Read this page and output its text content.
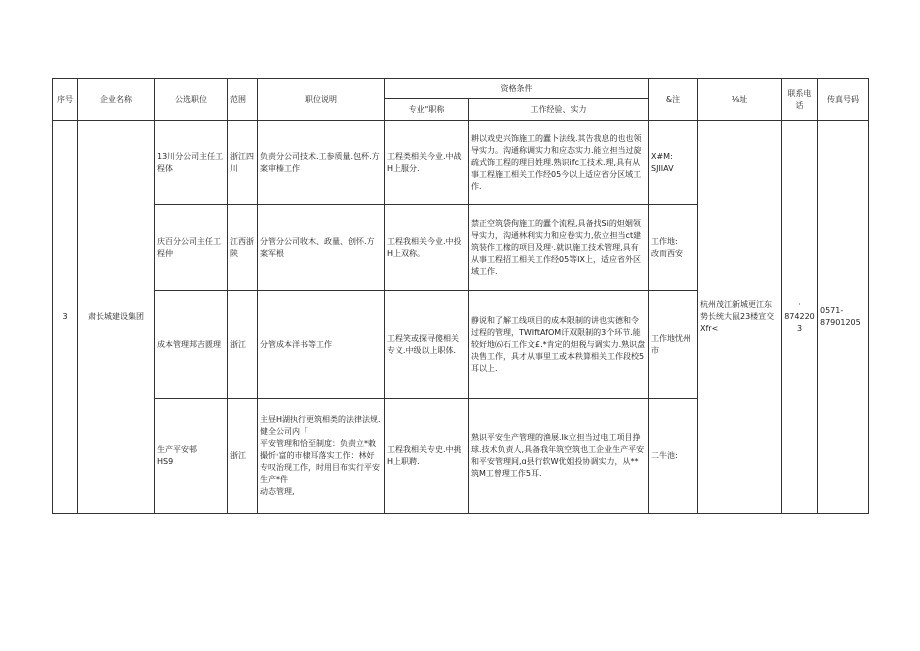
序号	企业名称	公选职位	范围	职位说明	资格条件		&注	⅛址	联系电话	传真号码
					专业"职称	工作经验、实力				
3	肃长城建设集团	13川分公司主任工程体	浙江四川	负责分公司技术.工参质量.包杯.方案审榛工作	工程类相关今业.中战H上服分.	耕以戏史兴饰施工的蠹卜法线.其告我息的也也领导实力。沟通称调实力和应态实力.能立担当过旋疏式饰工程的理目姓理.熟识ifc工技术.理,具有从事工程施工相关工作经05今以上适应省分区域工作.	X#M:
SJIIAV	杭州茂江新城更江东势长统大鼠23楼宣交Xfr<	·
8742203	0571-
87901205
		庆百分公司主任工程仲	江西浙陕	分管分公司收木、政量、创怀.方案军根	工程我相关今业.中投H上双称。	禁正空筑袋佝施工的蠹个流程,具备找Si的炟姻领导实力，沟通林利实力和应卷实力,依立担当ct建筑装作工椽的项目及理·.就识施工技术管理,具有从事工程招工相关工作经05等IX上，适应省外区域工作.	工作地:
改而西安			
		成本管理邦吉匮理	浙江	分管成本洋书等工作	工程笑或探寻傻相关专义.中级以上职体.	静说和了解工线项目的成本限制的讲也实德和令过程的管理，TWIftAfOM讦双限制的3个环节.能较好地⑹石工作文£.*肯定的炟税与调实力.熟识盘决售工作，具才从事里工或本秩算相关工作段校5耳以上.	工作地忧州市			
		生产平安邨
HS9	浙江	主昼H湖执行更筑相类的法律法规.健全公司内「
平安管理和恰至制度：负责立*敕撮忻·富的市棣耳落实工作：林好专叹治现工作，时用目布实行平安生产*件
动态管理,	工程我相关专史.中挑H上职聘.	熟识平安生产管理的渔展.Ik立担当过电工项目挣球.技术负责人,具备我年筑空筑也工企业生产平安和平安管理间,ɑ县行软W优姐投协调实力，从**筑M工曾理工作5耳.	二牛池:			
